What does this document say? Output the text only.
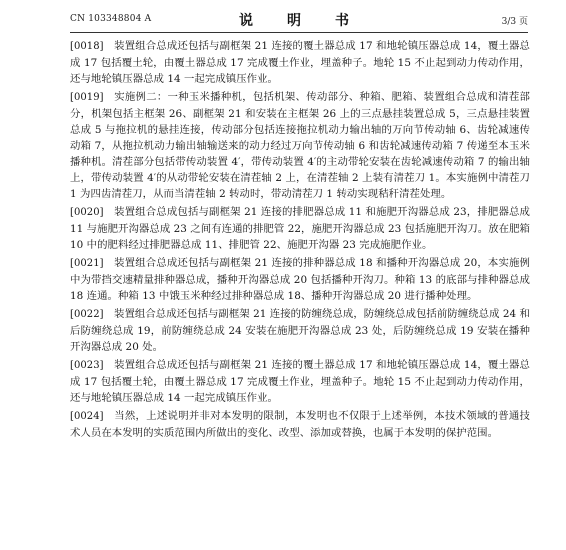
CN 103348804 A	说　明　书	3/3 页

[0018] 装置组合总成还包括与副框架 21 连接的覆土器总成 17 和地轮镇压器总成 14，覆土器总成 17 包括覆土轮，由覆土器总成 17 完成覆土作业，埋盖种子。地轮 15 不止起到动力传动作用，还与地轮镇压器总成 14 一起完成镇压作业。

[0019] 实施例二：一种玉米播种机，包括机架、传动部分、种箱、肥箱、装置组合总成和清茬部分，机架包括主框架 26、副框架 21 和安装在主框架 26 上的三点悬挂装置总成 5，三点悬挂装置总成 5 与拖拉机的悬挂连接，传动部分包括连接拖拉机动力输出轴的万向节传动轴 6、齿轮减速传动箱 7，从拖拉机动力输出轴输送来的动力经过万向节传动轴 6 和齿轮减速传动箱 7 传递至本玉米播种机。清茬部分包括带传动装置 4′，带传动装置 4′的主动带轮安装在齿轮减速传动箱 7 的输出轴上，带传动装置 4′的从动带轮安装在清茬轴 2 上，在清茬轴 2 上装有清茬刀 1。本实施例中清茬刀 1 为四齿清茬刀，从而当清茬轴 2 转动时，带动清茬刀 1 转动实现秸秆清茬处理。

[0020] 装置组合总成包括与副框架 21 连接的排肥器总成 11 和施肥开沟器总成 23，排肥器总成 11 与施肥开沟器总成 23 之间有连通的排肥管 22，施肥开沟器总成 23 包括施肥开沟刀。放在肥箱 10 中的肥料经过排肥器总成 11、排肥管 22、施肥开沟器 23 完成施肥作业。

[0021] 装置组合总成还包括与副框架 21 连接的排种器总成 18 和播种开沟器总成 20，本实施例中为带挡交速精量排种器总成，播种开沟器总成 20 包括播种开沟刀。种箱 13 的底部与排种器总成 18 连通。种箱 13 中饿玉米种经过排种器总成 18、播种开沟器总成 20 进行播种处理。

[0022] 装置组合总成还包括与副框架 21 连接的防缠绕总成，防缠绕总成包括前防缠绕总成 24 和后防缠绕总成 19，前防缠绕总成 24 安装在施肥开沟器总成 23 处，后防缠绕总成 19 安装在播种开沟器总成 20 处。

[0023] 装置组合总成还包括与副框架 21 连接的覆土器总成 17 和地轮镇压器总成 14，覆土器总成 17 包括覆土轮，由覆土器总成 17 完成覆土作业，埋盖种子。地轮 15 不止起到动力传动作用，还与地轮镇压器总成 14 一起完成镇压作业。

[0024] 当然，上述说明并非对本发明的限制，本发明也不仅限于上述举例，本技术领域的普通技术人员在本发明的实质范围内所做出的变化、改型、添加或替换，也属于本发明的保护范围。
